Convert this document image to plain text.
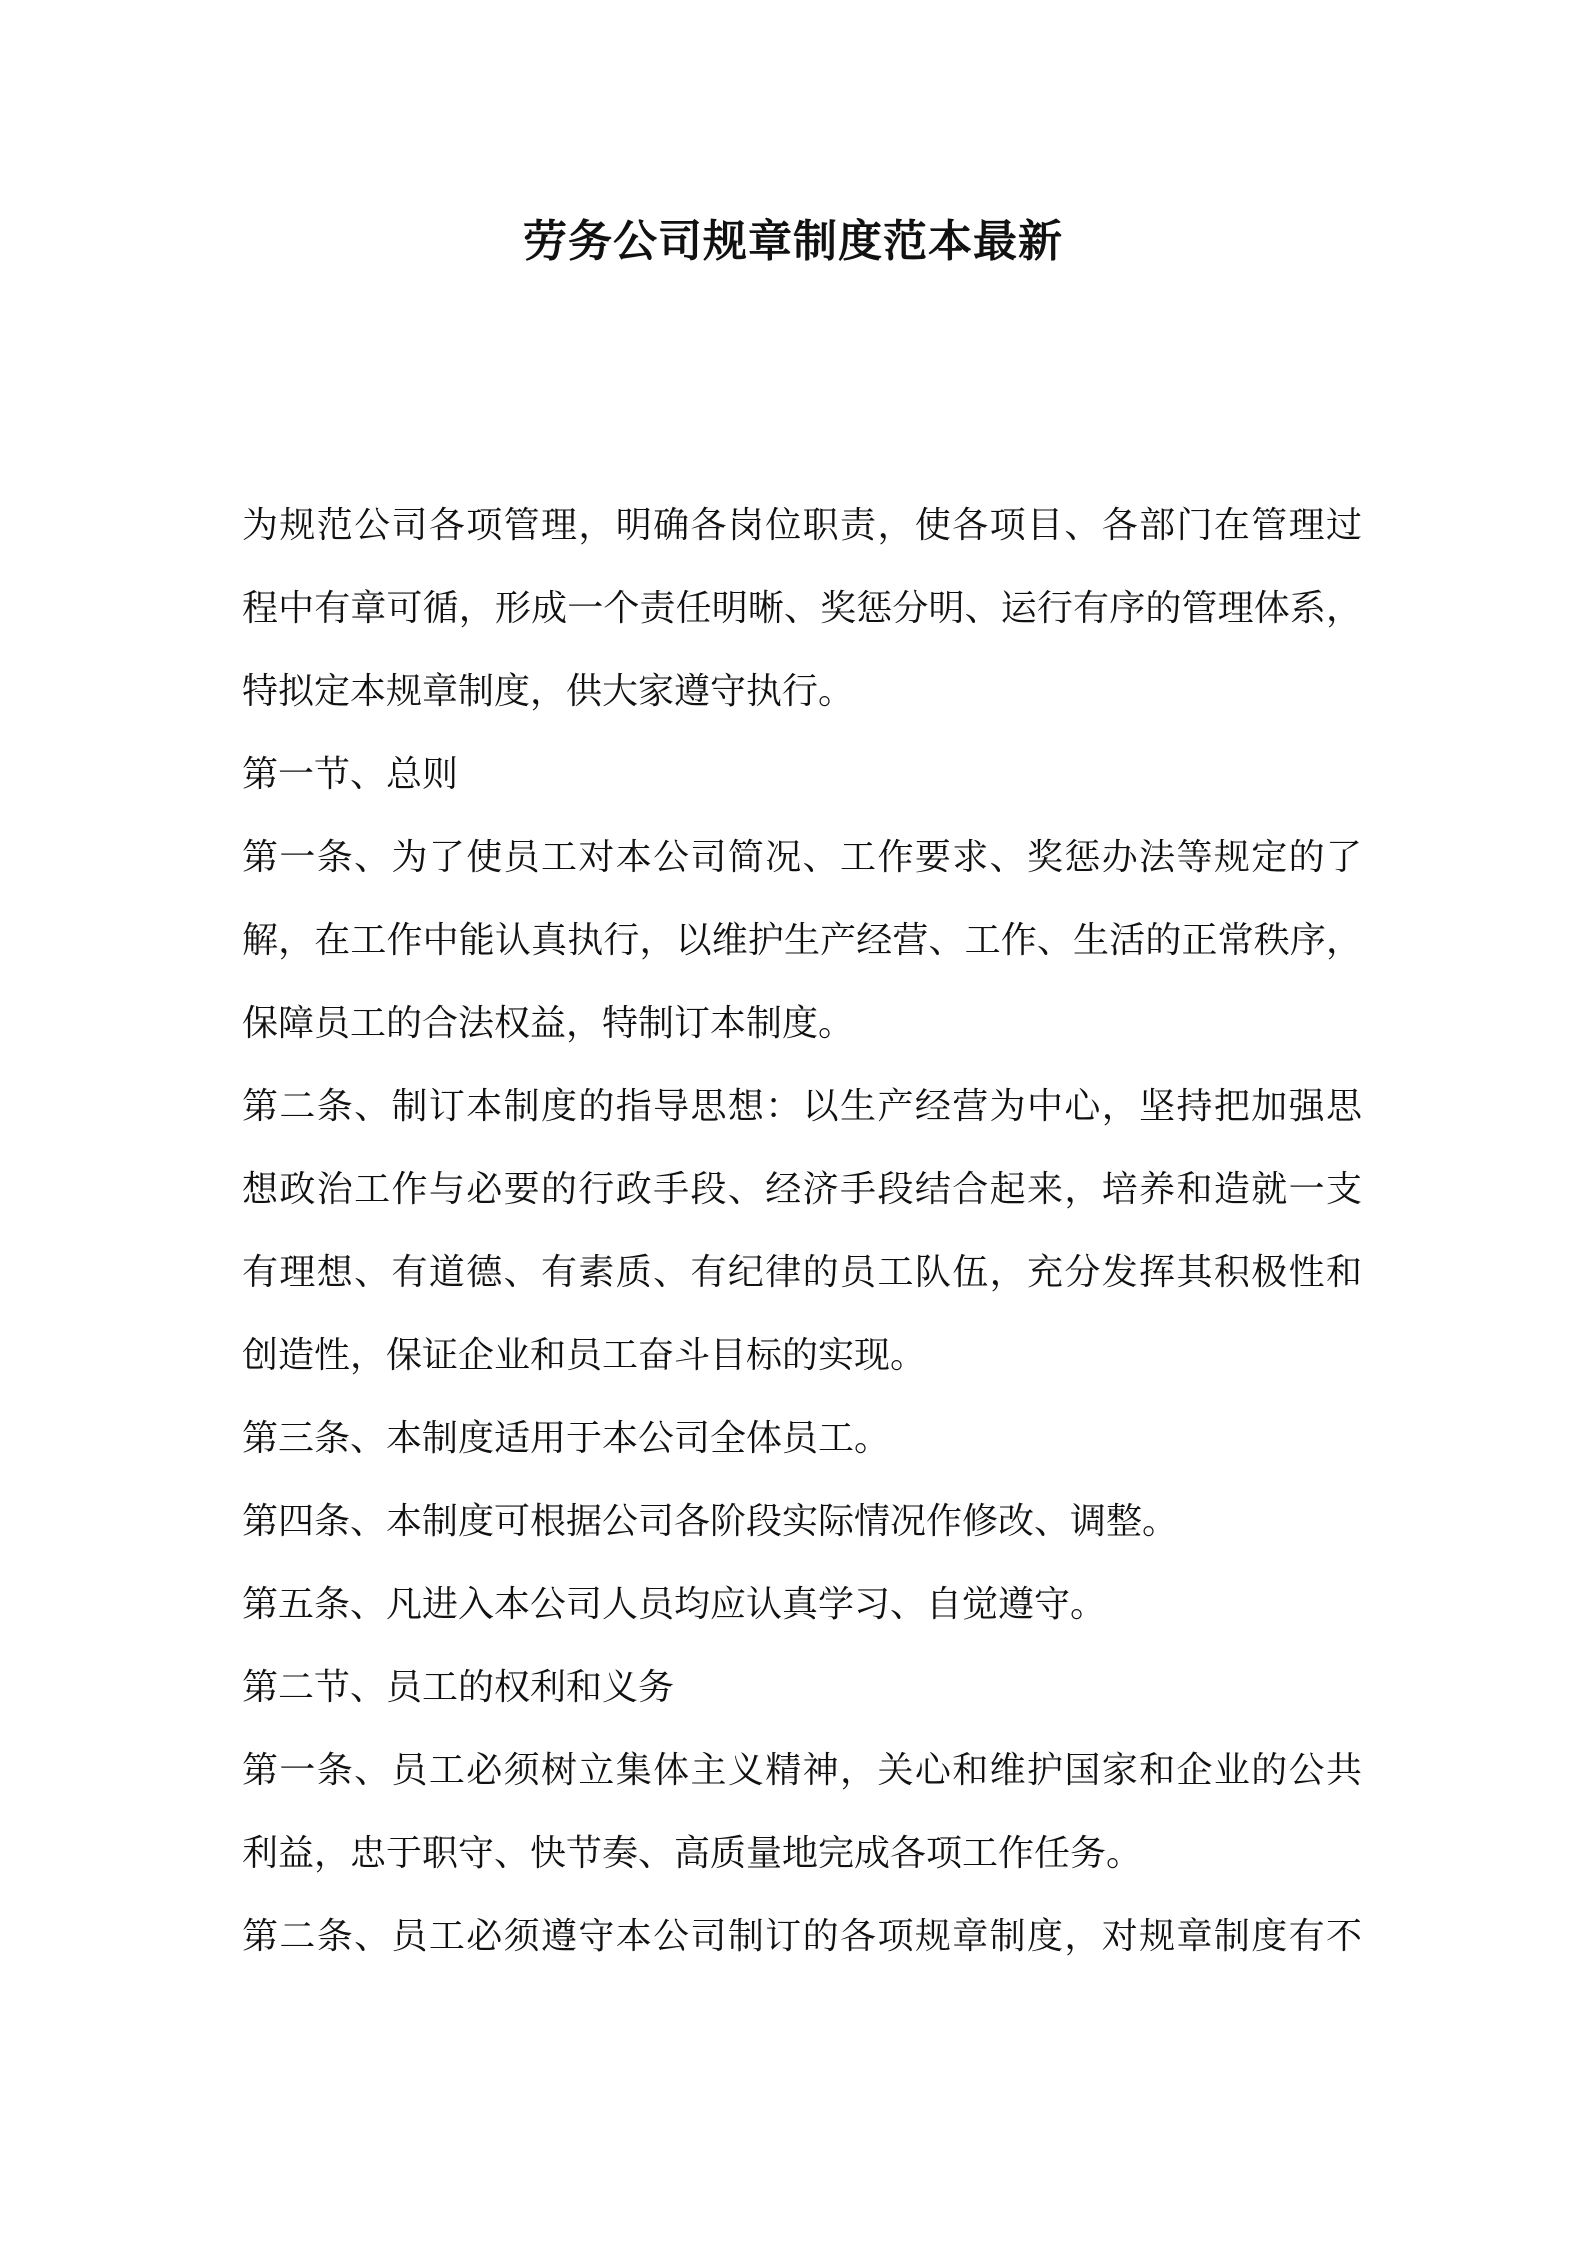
劳务公司规章制度范本最新

为规范公司各项管理，明确各岗位职责，使各项目、各部门在管理过

程中有章可循，形成一个责任明晰、奖惩分明、运行有序的管理体系，

特拟定本规章制度，供大家遵守执行。

第一节、总则

第一条、为了使员工对本公司简况、工作要求、奖惩办法等规定的了

解，在工作中能认真执行，以维护生产经营、工作、生活的正常秩序，

保障员工的合法权益，特制订本制度。

第二条、制订本制度的指导思想：以生产经营为中心，坚持把加强思

想政治工作与必要的行政手段、经济手段结合起来，培养和造就一支

有理想、有道德、有素质、有纪律的员工队伍，充分发挥其积极性和

创造性，保证企业和员工奋斗目标的实现。

第三条、本制度适用于本公司全体员工。

第四条、本制度可根据公司各阶段实际情况作修改、调整。

第五条、凡进入本公司人员均应认真学习、自觉遵守。

第二节、员工的权利和义务

第一条、员工必须树立集体主义精神，关心和维护国家和企业的公共

利益，忠于职守、快节奏、高质量地完成各项工作任务。

第二条、员工必须遵守本公司制订的各项规章制度，对规章制度有不
